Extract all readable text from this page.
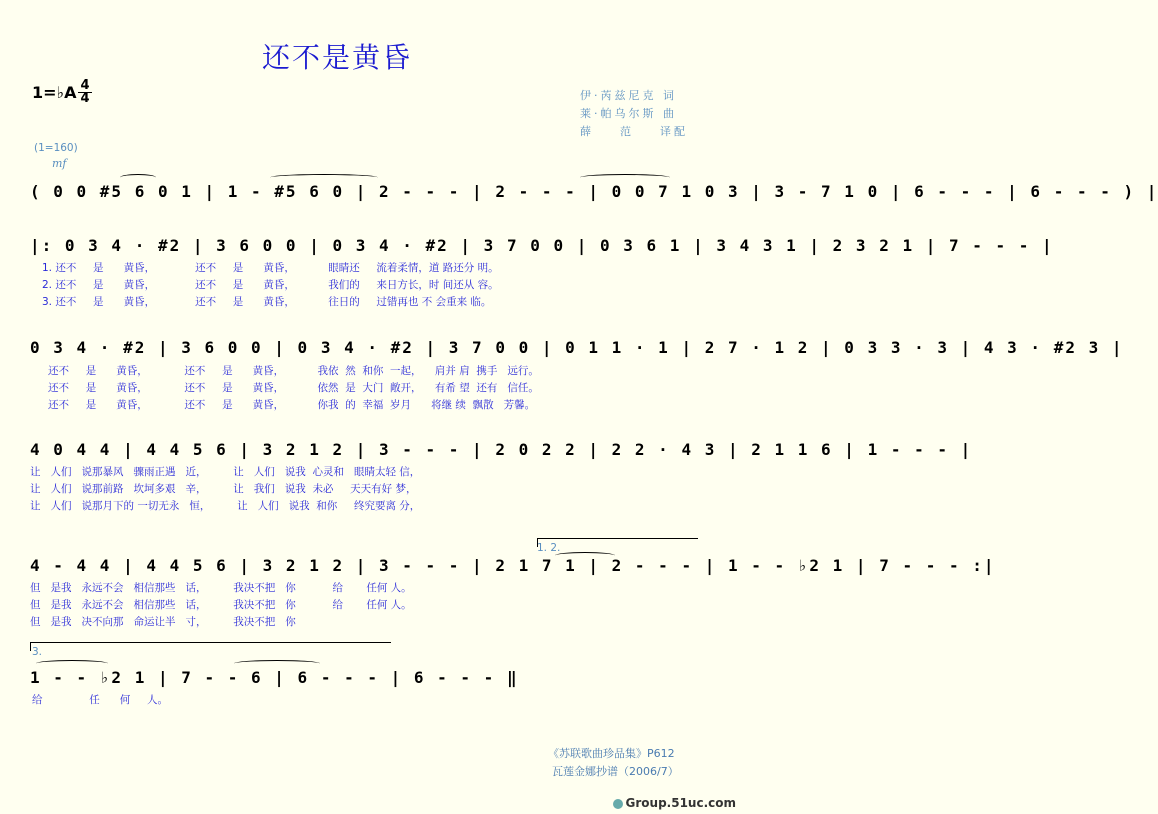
还不是黄昏
1=♭A 4
4	伊·芮兹尼克 词
莱·帕乌尔斯 曲
薛    范    译配
(1=160)
mf
( 0 0 #5 6 0 1 | 1 - #5 6 0 | 2 - - - | 2 - - - | 0 0 7 1 0 3 | 3 - 7 1 0 | 6 - - - | 6 - - - ) |
|: 0 3 4 · #2 | 3 6 0 0 | 0 3 4 · #2 | 3 7 0 0 | 0 3 6 1 | 3 4 3 1 | 2 3 2 1 | 7 - - - |
1. 还不     是      黄昏，            还不     是      黄昏，          眼睛还     流着柔情，道 路还分 明。
2. 还不     是      黄昏，            还不     是      黄昏，          我们的     来日方长，时 间还从 容。
3. 还不     是      黄昏，            还不     是      黄昏，          往日的     过错再也 不 会重来 临。
0 3 4 · #2 | 3 6 0 0 | 0 3 4 · #2 | 3 7 0 0 | 0 1 1 · 1 | 2 7 · 1 2 | 0 3 3 · 3 | 4 3 · #2 3 |
还不     是      黄昏，           还不     是      黄昏，          我依  然  和你  一起，    肩并 肩  携手   远行。
还不     是      黄昏，           还不     是      黄昏，          依然  是  大门  敞开，    有希 望  还有   信任。
还不     是      黄昏，           还不     是      黄昏，          你我  的  幸福  岁月      将继 续  飘散   芳馨。
4 0 4 4 | 4 4 5 6 | 3 2 1 2 | 3 - - - | 2 0 2 2 | 2 2 · 4 3 | 2 1 1 6 | 1 - - - |
让   人们   说那暴风   骤雨正遇   近，        让   人们   说我  心灵和   眼睛太轻 信，
让   人们   说那前路   坎坷多艰   辛，        让   我们   说我  未必     天天有好 梦，
让   人们   说那月下的 一切无永   恒，        让   人们   说我  和你     终究要离 分，
1. 2.
4 - 4 4 | 4 4 5 6 | 3 2 1 2 | 3 - - - | 2 1 7 1 | 2 - - - | 1 - - ♭2 1 | 7 - - - :|
但   是我   永远不会   相信那些   话，        我决不把   你           给       任何 人。
但   是我   永远不会   相信那些   话，        我决不把   你           给       任何 人。
但   是我   决不向那   命运让半   寸，        我决不把   你
3.
1 - - ♭2 1 | 7 - - 6 | 6 - - - | 6 - - - ‖
给              任      何     人。
《苏联歌曲珍品集》P612
瓦莲金娜抄谱（2006/7）
Group.51uc.com
